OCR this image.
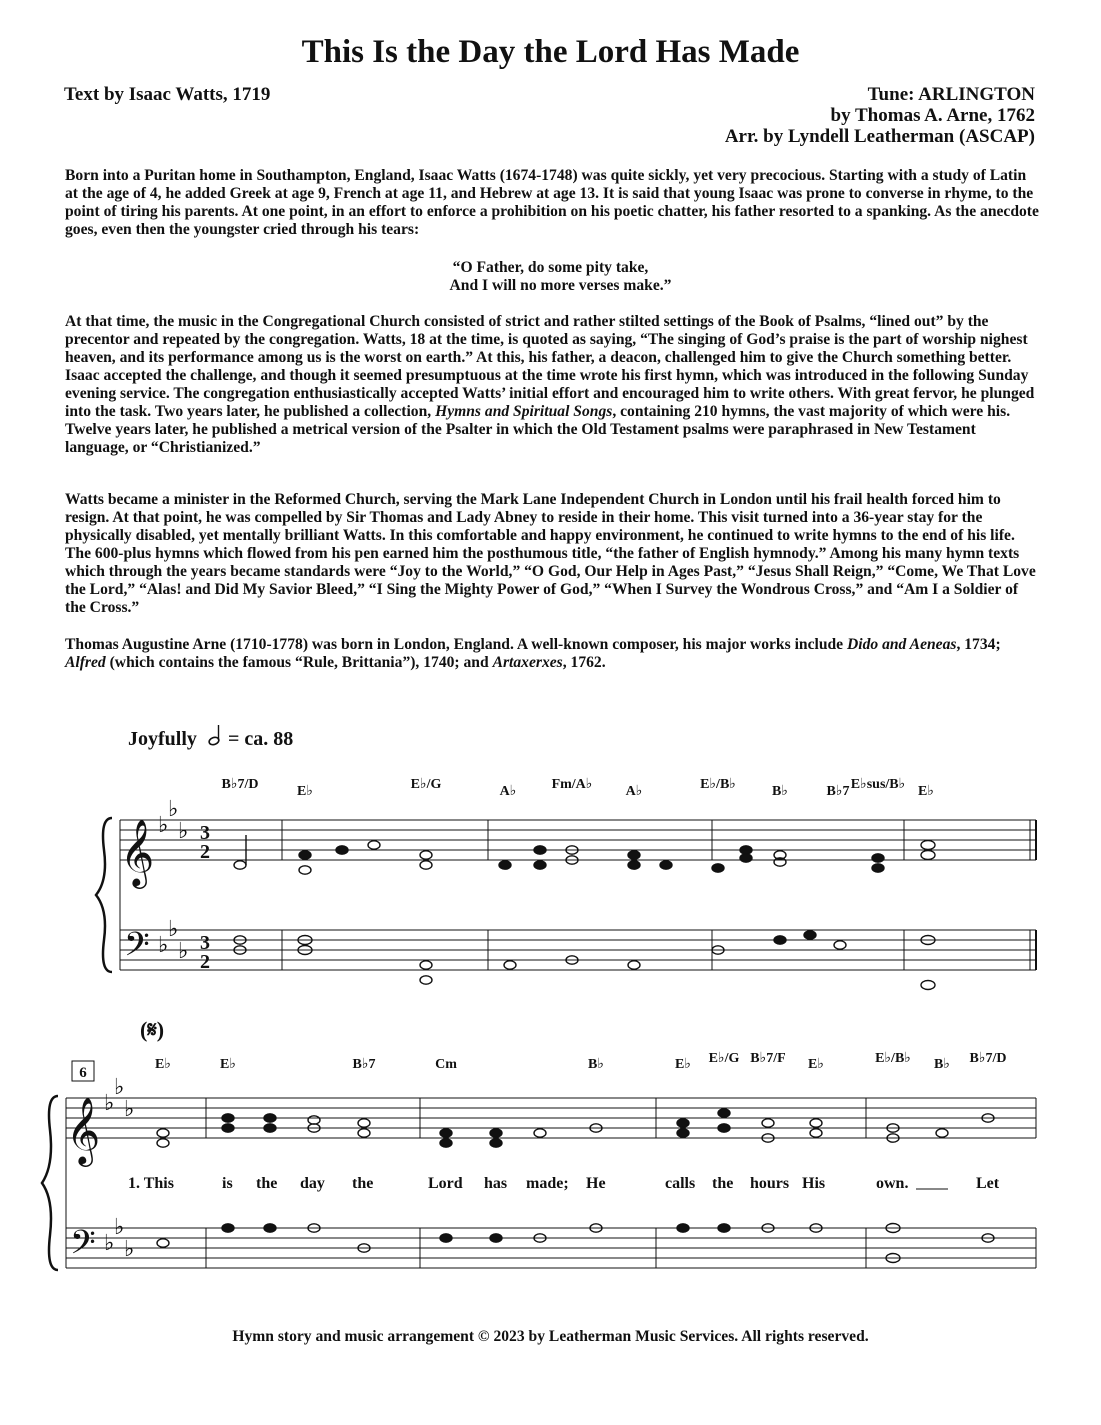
This Is the Day the Lord Has Made
Text by Isaac Watts, 1719	Tune: ARLINGTON
by Thomas A. Arne, 1762
Arr. by Lyndell Leatherman (ASCAP)

Born into a Puritan home in Southampton, England, Isaac Watts (1674-1748) was quite sickly, yet very precocious. Starting with a study of Latin at the age of 4, he added Greek at age 9, French at age 11, and Hebrew at age 13. It is said that young Isaac was prone to converse in rhyme, to the point of tiring his parents. At one point, in an effort to enforce a prohibition on his poetic chatter, his father resorted to a spanking. As the anecdote goes, even then the youngster cried through his tears:

“O Father, do some pity take,
And I will no more verses make.”

At that time, the music in the Congregational Church consisted of strict and rather stilted settings of the Book of Psalms, “lined out” by the precentor and repeated by the congregation. Watts, 18 at the time, is quoted as saying, “The singing of God’s praise is the part of worship nighest heaven, and its performance among us is the worst on earth.” At this, his father, a deacon, challenged him to give the Church something better. Isaac accepted the challenge, and though it seemed presumptuous at the time wrote his first hymn, which was introduced in the following Sunday evening service. The congregation enthusiastically accepted Watts’ initial effort and encouraged him to write others. With great fervor, he plunged into the task. Two years later, he published a collection, Hymns and Spiritual Songs, containing 210 hymns, the vast majority of which were his. Twelve years later, he published a metrical version of the Psalter in which the Old Testament psalms were paraphrased in New Testament language, or “Christianized.”

Watts became a minister in the Reformed Church, serving the Mark Lane Independent Church in London until his frail health forced him to resign. At that point, he was compelled by Sir Thomas and Lady Abney to reside in their home. This visit turned into a 36-year stay for the physically disabled, yet mentally brilliant Watts. In this comfortable and happy environment, he continued to write hymns to the end of his life. The 600-plus hymns which flowed from his pen earned him the posthumous title, “the father of English hymnody.” Among his many hymn texts which through the years became standards were “Joy to the World,” “O God, Our Help in Ages Past,” “Jesus Shall Reign,” “Come, We That Love the Lord,” “Alas! and Did My Savior Bleed,” “I Sing the Mighty Power of God,” “When I Survey the Wondrous Cross,” and “Am I a Soldier of the Cross.”

Thomas Augustine Arne (1710-1778) was born in London, England. A well-known composer, his major works include Dido and Aeneas, 1734; Alfred (which contains the famous “Rule, Brittania”), 1740; and Artaxerxes, 1762.

Joyfully = ca. 88
B♭7/D	E♭	E♭/G	A♭	Fm/A♭ A♭	E♭/B♭	B♭	B♭7 E♭sus/B♭ E♭
𝄞
𝄢
♭
♭
♭
♭
♭
♭
3
2
3
2
(𝄋)
6
E♭	E♭	B♭7	Cm	B♭	E♭ E♭/G B♭7/F E♭	E♭/B♭ B♭ B♭7/D
𝄞
𝄢
♭
♭
♭
♭
♭
♭
1. This	is the day the	Lord has made; He	calls the hours His	own.	Let
Hymn story and music arrangement © 2023 by Leatherman Music Services. All rights reserved.
